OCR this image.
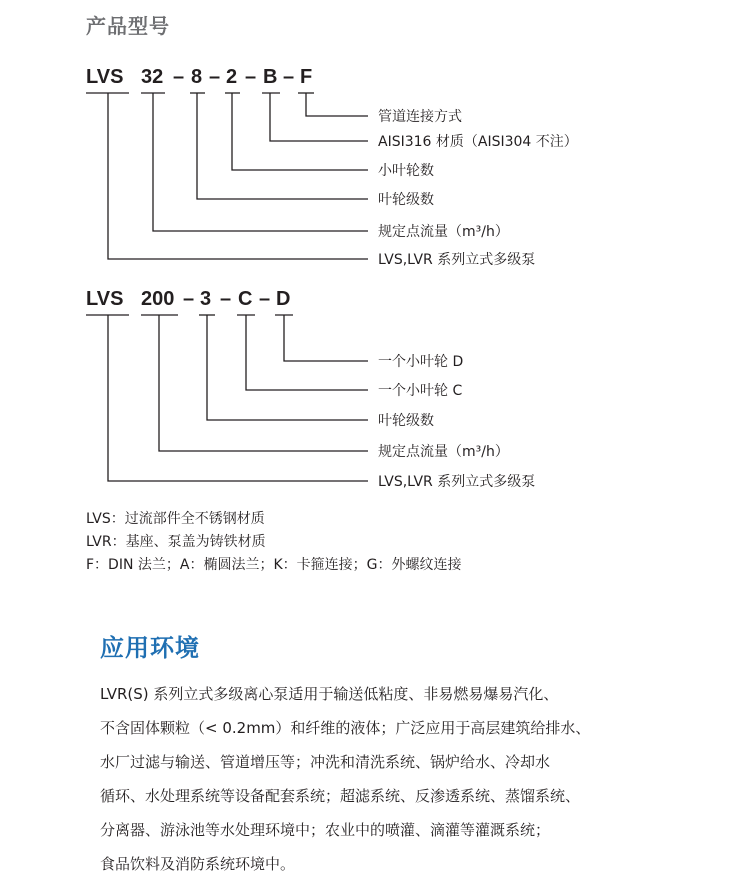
产品型号
LVS 32 – 8 – 2 – B – F
管道连接方式
AISI316 材质（AISI304 不注）
小叶轮数
叶轮级数
规定点流量（m³/h）
LVS,LVR 系列立式多级泵
LVS 200 – 3 – C – D
一个小叶轮 D
一个小叶轮 C
叶轮级数
规定点流量（m³/h）
LVS,LVR 系列立式多级泵
LVS：过流部件全不锈钢材质
LVR：基座、泵盖为铸铁材质
F：DIN 法兰；A：椭圆法兰；K：卡箍连接；G：外螺纹连接
应用环境
LVR(S) 系列立式多级离心泵适用于输送低粘度、非易燃易爆易汽化、
不含固体颗粒（< 0.2mm）和纤维的液体；广泛应用于高层建筑给排水、
水厂过滤与输送、管道增压等；冲洗和清洗系统、锅炉给水、冷却水
循环、水处理系统等设备配套系统；超滤系统、反渗透系统、蒸馏系统、
分离器、游泳池等水处理环境中；农业中的喷灌、滴灌等灌溉系统；
食品饮料及消防系统环境中。
